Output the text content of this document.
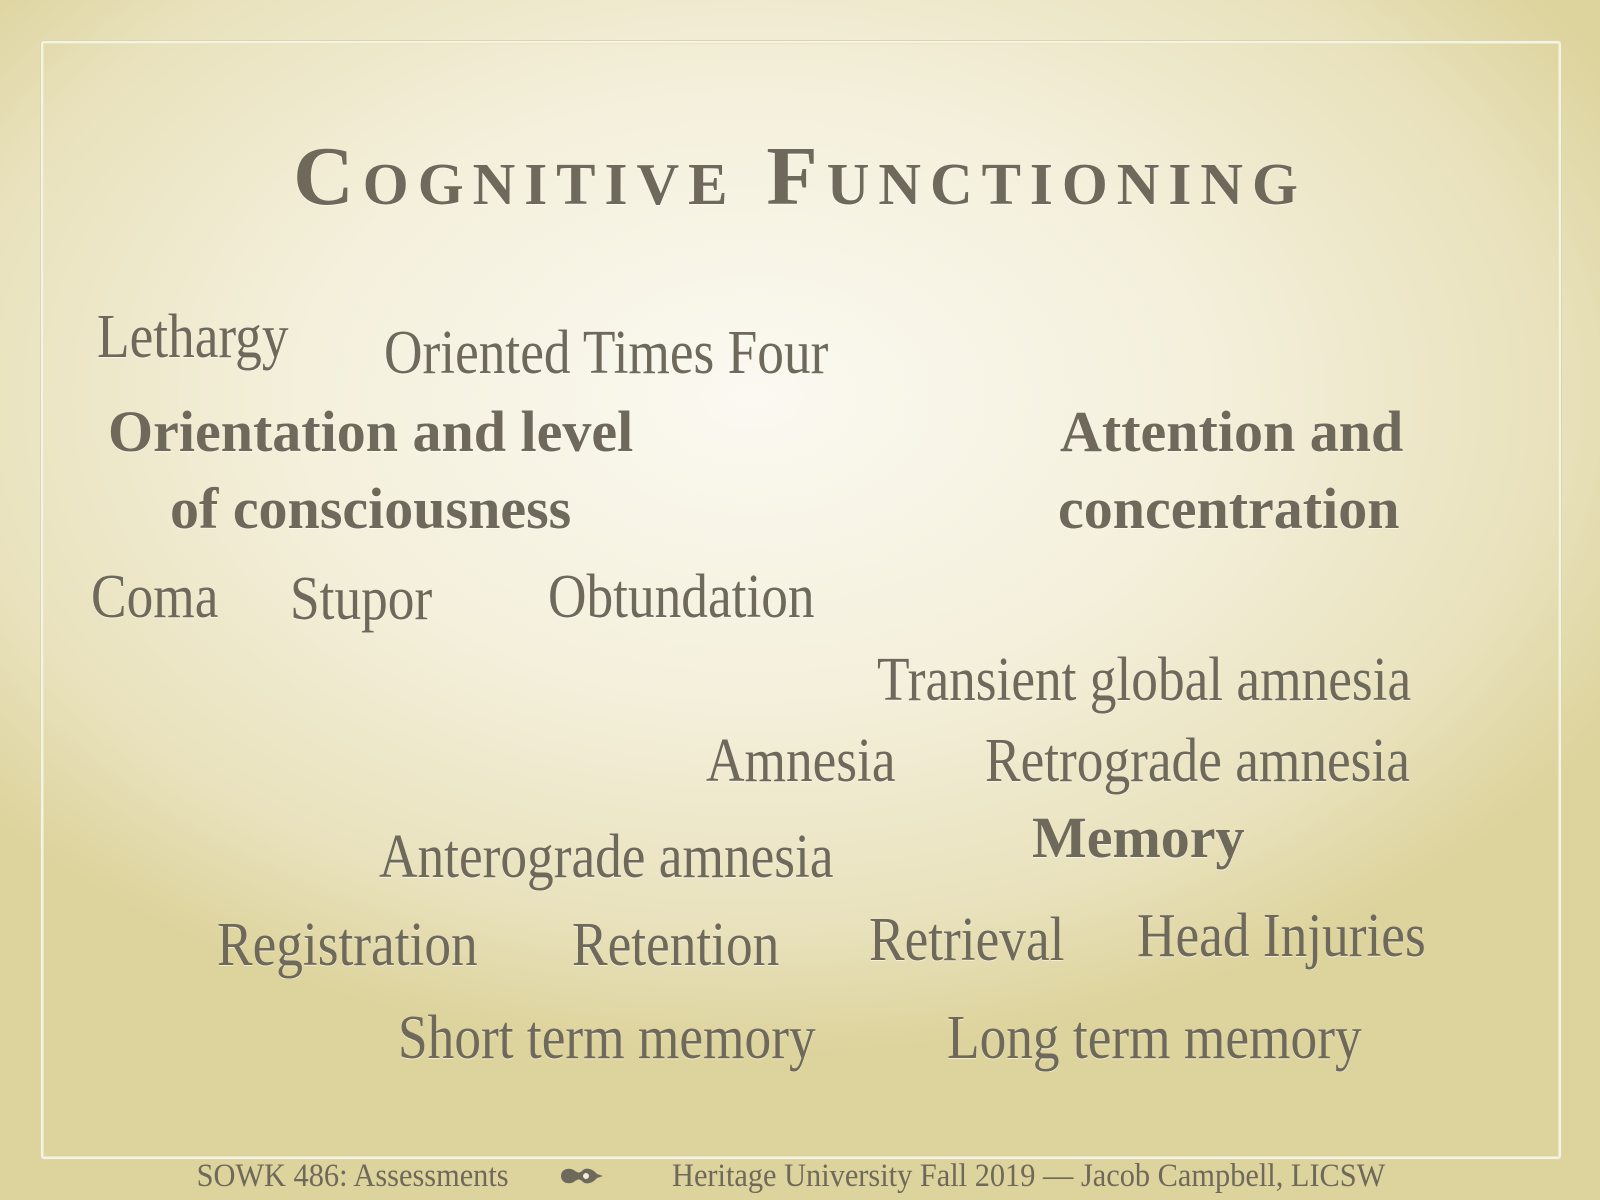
Cognitive Functioning
Lethargy Oriented Times Four
Orientation and level
of consciousness
Attention and
concentration
Coma Stupor Obtundation
Transient global amnesia
Amnesia Retrograde amnesia
Memory
Anterograde amnesia
Registration Retention Retrieval Head Injuries
Short term memory Long term memory
SOWK 486: Assessments	Heritage University Fall 2019 — Jacob Campbell, LICSW
